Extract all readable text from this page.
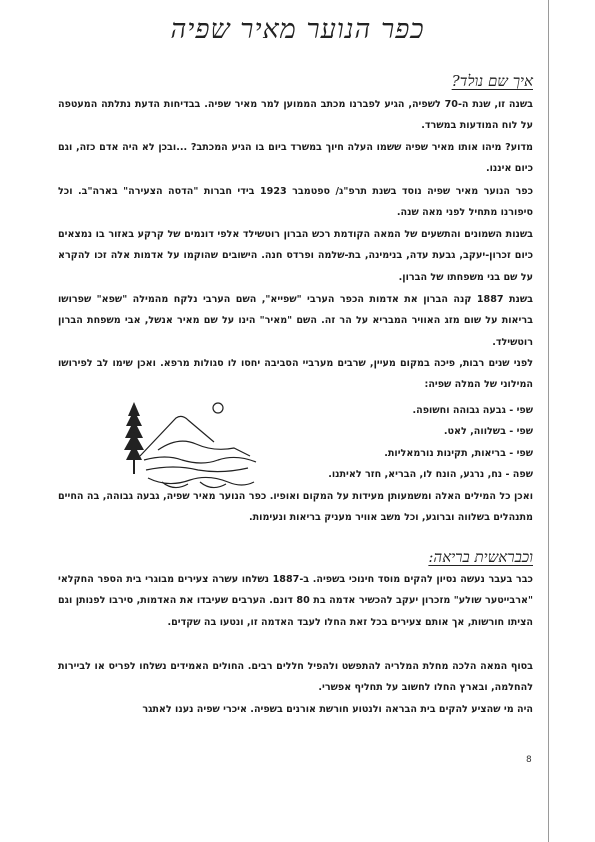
כפר הנוער מאיר שפיה
איך שם נולד?

בשנה זו, שנת ה-70 לשפיה, הגיע לפברנו מכתב הממוען למר מאיר שפיה. בבדיחות הדעת נתלתה המעטפה על לוח המודעות במשרד.

מדוע? מיהו אותו מאיר שפיה ששמו העלה חיוך במשרד ביום בו הגיע המכתב? ...ובכן לא היה אדם כזה, וגם כיום איננו.

כפר הנוער מאיר שפיה נוסד בשנת תרפ"ג/ ספטמבר 1923 בידי חברות "הדסה הצעירה" בארה"ב. וכל סיפורנו מתחיל לפני מאה שנה.

בשנות השמונים והתשעים של המאה הקודמת רכש הברון רוטשילד אלפי דונמים של קרקע באזור בו נמצאים כיום זכרון-יעקב, גבעת עדה, בנימינה, בת-שלמה ופרדס חנה. הישובים שהוקמו על אדמות אלה זכו להקרא על שם בני משפחתו של הברון.

בשנת 1887 קנה הברון את אדמות הכפר הערבי "שפייא", השם הערבי נלקח מהמילה "שפא" שפרושו בריאות על שום מזג האוויר המבריא על הר זה. השם "מאיר" הינו על שם מאיר אנשל, אבי משפחת הברון רוטשילד.

לפני שנים רבות, פיכה במקום מעיין, שרבים מערביי הסביבה יחסו לו סגולות מרפא. ואכן שימו לב לפירושו המילוני של המלה שפיה:

שפי - גבעה גבוהה וחשופה.
שפי - בשלווה, לאט.
שפי - בריאות, תקינות נורמאליות.
שפה - נח, נרגע, הונח לו, הבריא, חזר לאיתנו.

ואכן כל המילים האלה ומשמעותן מעידות על המקום ואופיו. כפר הנוער מאיר שפיה, גבעה גבוהה, בה החיים מתנהלים בשלווה וברוגע, וכל משב אוויר מעניק בריאות ונעימות.

וכבראשית בריאה:

כבר בעבר נעשה נסיון להקים מוסד חינוכי בשפיה. ב-1887 נשלחו עשרה צעירים מבוגרי בית הספר החקלאי "ארבייטער שולע" מזכרון יעקב להכשיר אדמה בת 80 דונם. הערבים שעיבדו את האדמות, סירבו לפנותן וגם הציתו חורשות, אך אותם צעירים בכל זאת החלו לעבד האדמה זו, ונטעו בה שקדים.

בסוף המאה הלכה מחלת המלריה להתפשט ולהפיל חללים רבים. החולים האמידים נשלחו לפריס או לביירות להחלמה, ובארץ החלו לחשוב על תחליף אפשרי.

היה מי שהציע להקים בית הבראה ולנטוע חורשת אורנים בשפיה. איכרי שפיה נענו לאתגר

8
